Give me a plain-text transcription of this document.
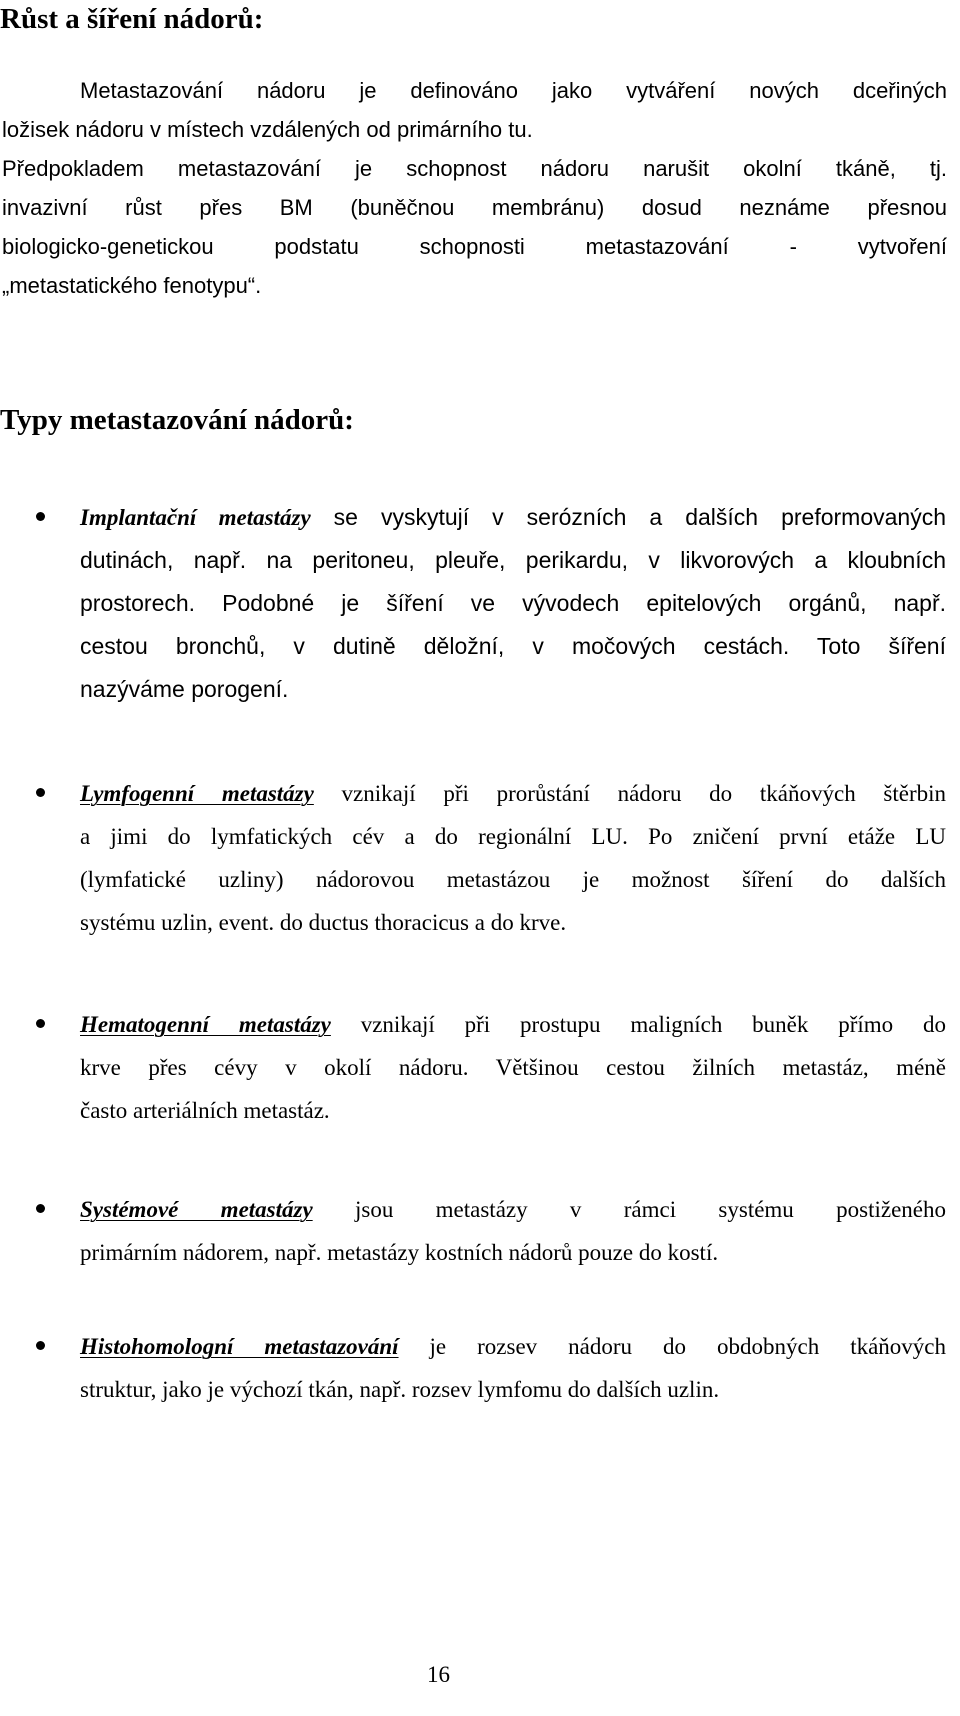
Růst a šíření nádorů:
Metastazování nádoru je definováno jako vytváření nových dceřiných
ložisek nádoru v místech vzdálených od primárního tu.
Předpokladem metastazování je schopnost nádoru narušit okolní tkáně, tj.
invazivní růst přes BM (buněčnou membránu) dosud neznáme přesnou
biologicko-genetickou podstatu schopnosti metastazování - vytvoření
„metastatického fenotypu“.
Typy metastazování nádorů:
Implantační metastázy se vyskytují v serózních a dalších preformovaných
dutinách, např. na peritoneu, pleuře, perikardu, v likvorových a kloubních
prostorech. Podobné je šíření ve vývodech epitelových orgánů, např.
cestou bronchů, v dutině děložní, v močových cestách. Toto šíření
nazýváme porogení.
Lymfogenní metastázy vznikají při prorůstání nádoru do tkáňových štěrbin
a jimi do lymfatických cév a do regionální LU. Po zničení první etáže LU
(lymfatické uzliny) nádorovou metastázou je možnost šíření do dalších
systému uzlin, event. do ductus thoracicus a do krve.
Hematogenní metastázy vznikají při prostupu maligních buněk přímo do
krve přes cévy v okolí nádoru. Většinou cestou žilních metastáz, méně
často arteriálních metastáz.
Systémové metastázy jsou metastázy v rámci systému postiženého
primárním nádorem, např. metastázy kostních nádorů pouze do kostí.
Histohomologní metastazování je rozsev nádoru do obdobných tkáňových
struktur, jako je výchozí tkán, např. rozsev lymfomu do dalších uzlin.
16
